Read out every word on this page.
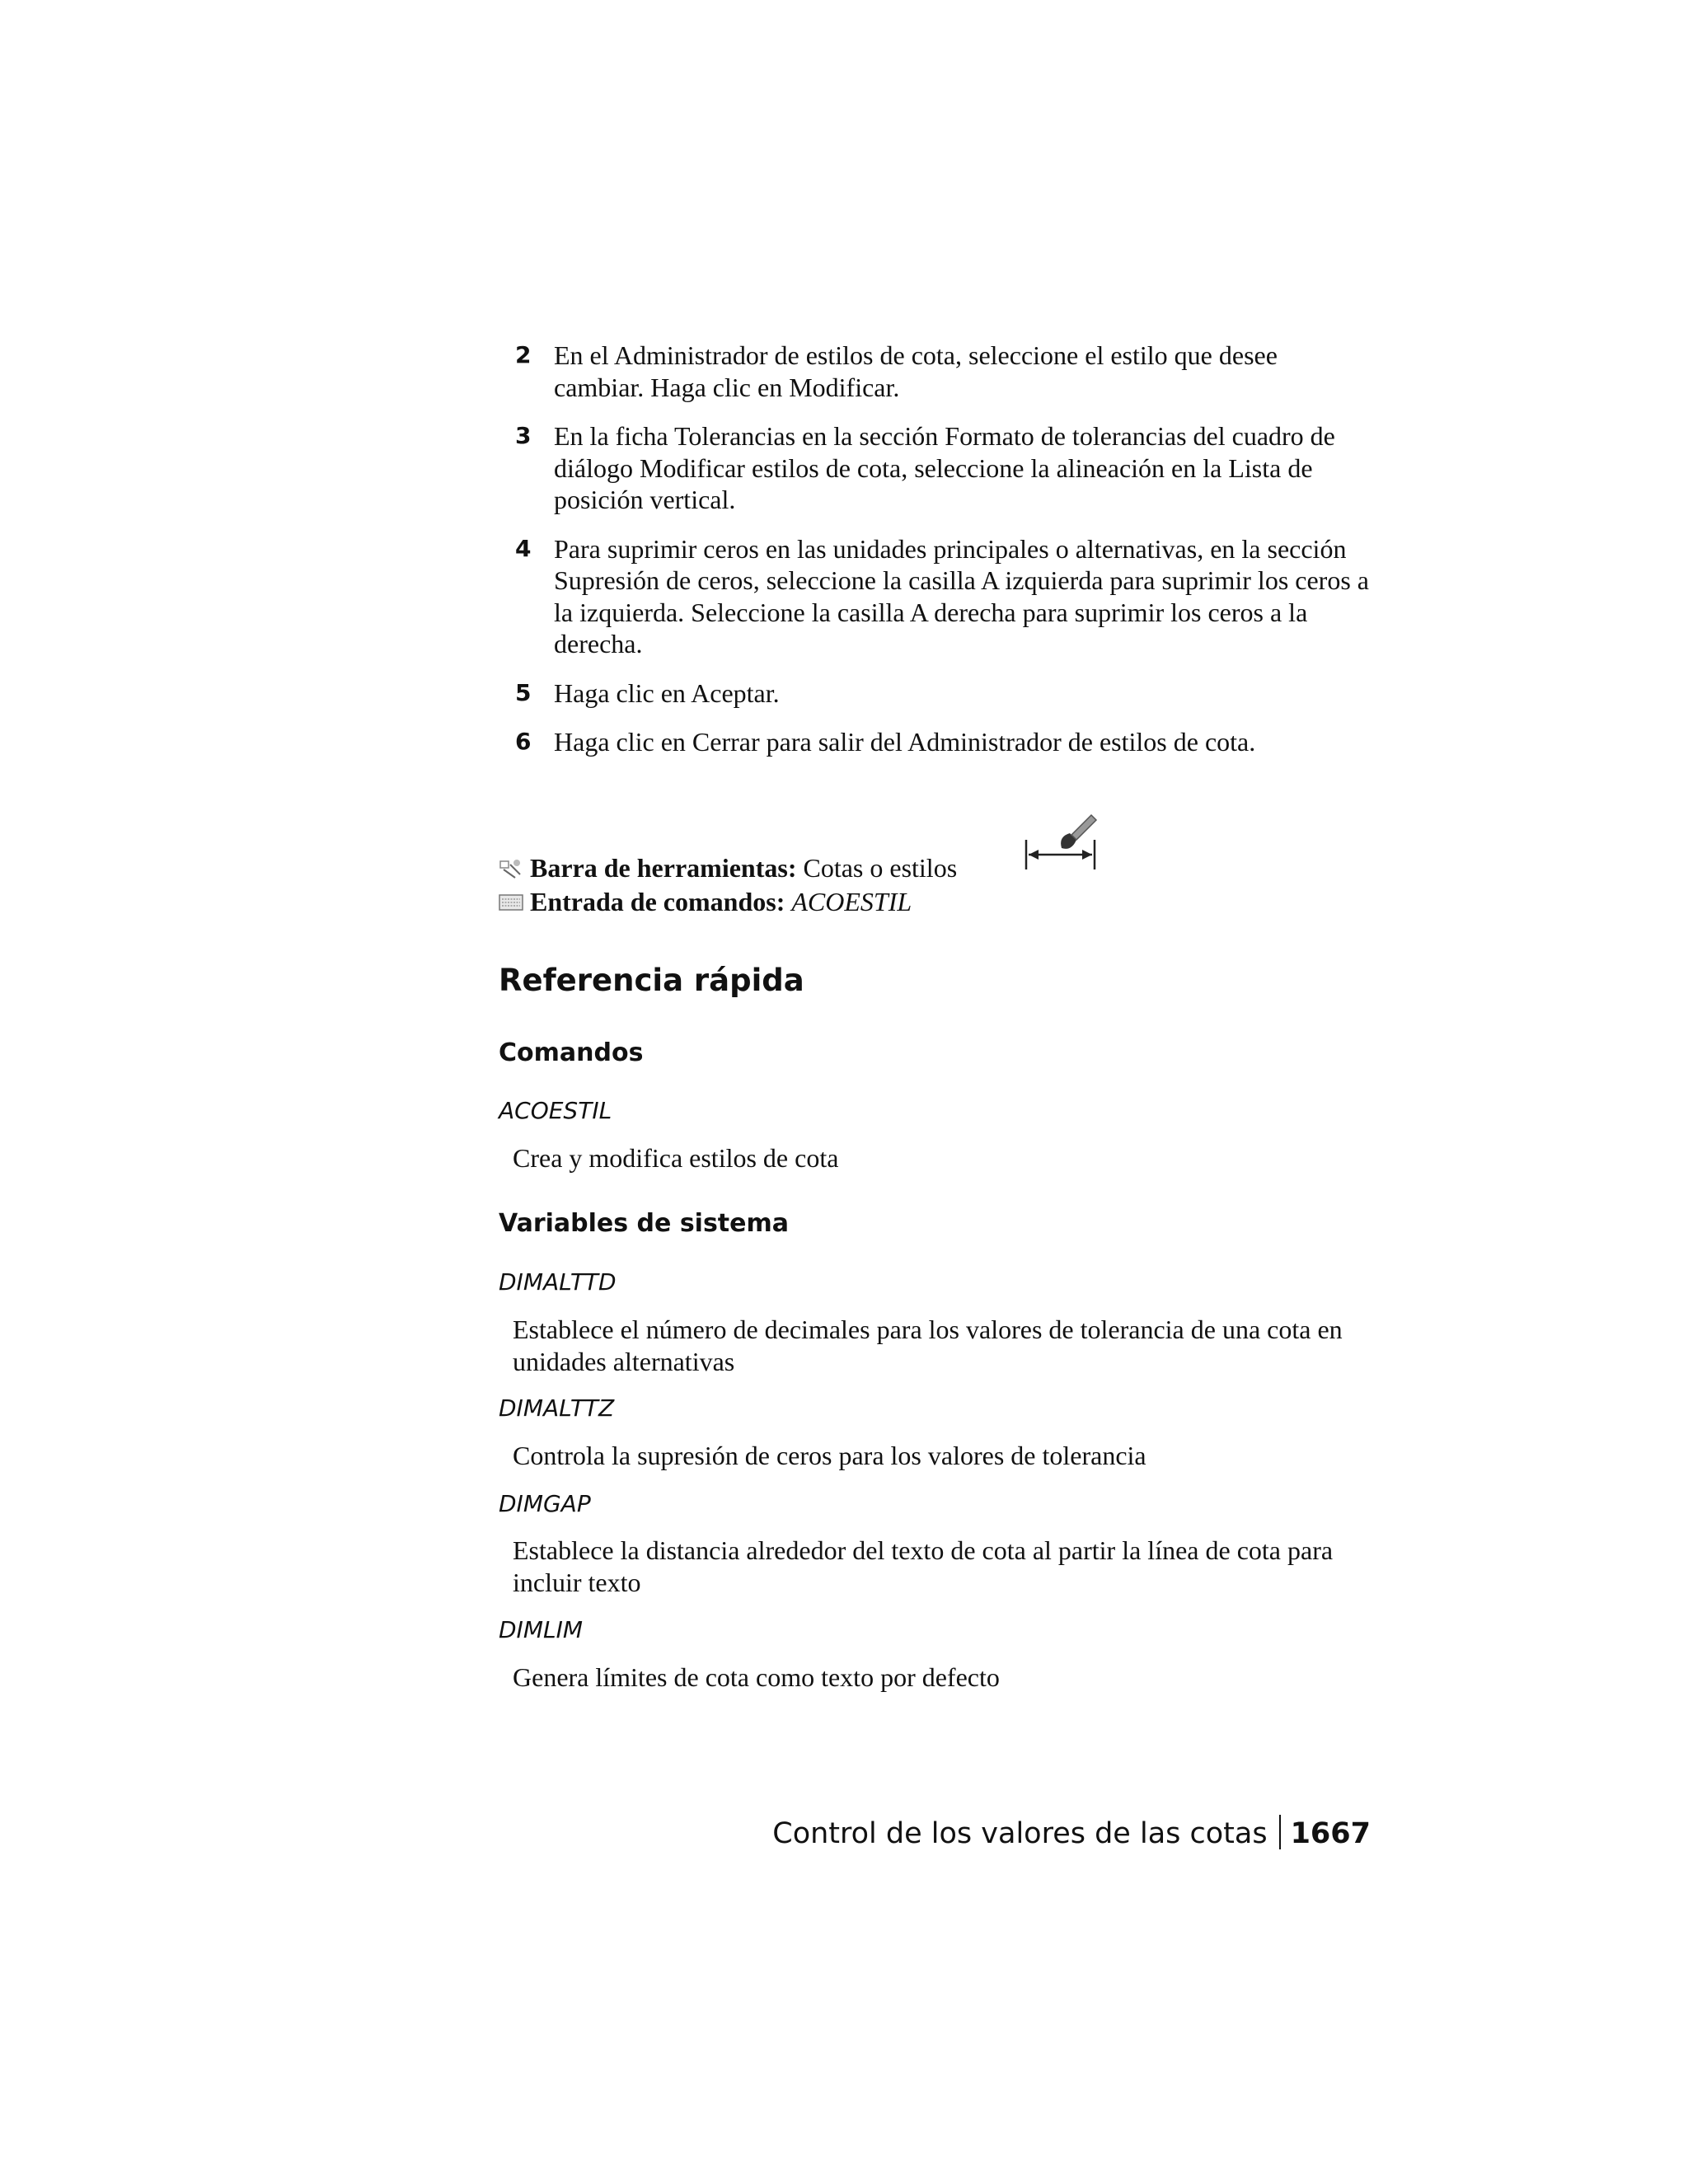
2 En el Administrador de estilos de cota, seleccione el estilo que desee cambiar. Haga clic en Modificar.
3 En la ficha Tolerancias en la sección Formato de tolerancias del cuadro de diálogo Modificar estilos de cota, seleccione la alineación en la Lista de posición vertical.
4 Para suprimir ceros en las unidades principales o alternativas, en la sección Supresión de ceros, seleccione la casilla A izquierda para suprimir los ceros a la izquierda. Seleccione la casilla A derecha para suprimir los ceros a la derecha.
5 Haga clic en Aceptar.
6 Haga clic en Cerrar para salir del Administrador de estilos de cota.
Barra de herramientas: Cotas o estilos
Entrada de comandos: ACOESTIL
Referencia rápida
Comandos
ACOESTIL
Crea y modifica estilos de cota
Variables de sistema
DIMALTTD
Establece el número de decimales para los valores de tolerancia de una cota en unidades alternativas
DIMALTTZ
Controla la supresión de ceros para los valores de tolerancia
DIMGAP
Establece la distancia alrededor del texto de cota al partir la línea de cota para incluir texto
DIMLIM
Genera límites de cota como texto por defecto
Control de los valores de las cotas 1667
